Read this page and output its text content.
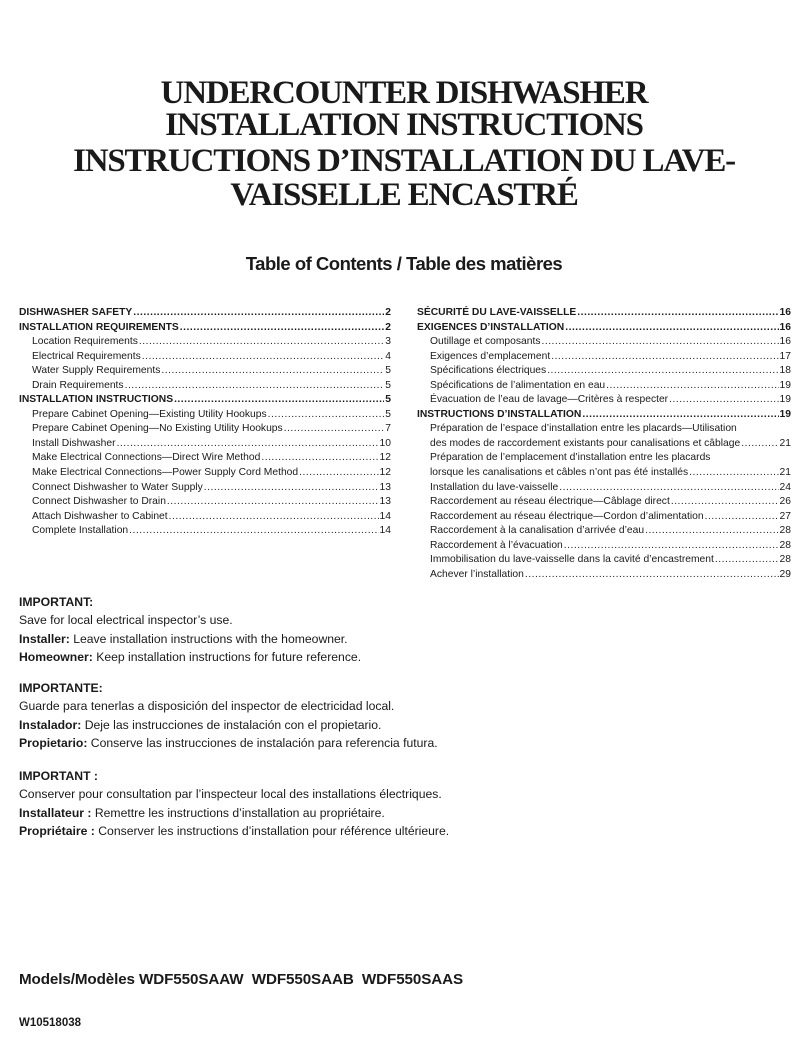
UNDERCOUNTER DISHWASHER
INSTALLATION INSTRUCTIONS
INSTRUCTIONS D’INSTALLATION DU LAVE-
VAISSELLE ENCASTRÉ
Table of Contents / Table des matières
DISHWASHER SAFETY .....	2
INSTALLATION REQUIREMENTS .....	2
Location Requirements .....	3
Electrical Requirements .....	4
Water Supply Requirements .....	5
Drain Requirements .....	5
INSTALLATION INSTRUCTIONS .....	5
Prepare Cabinet Opening—Existing Utility Hookups .....	5
Prepare Cabinet Opening—No Existing Utility Hookups .....	7
Install Dishwasher .....	10
Make Electrical Connections—Direct Wire Method .....	12
Make Electrical Connections—Power Supply Cord Method .....	12
Connect Dishwasher to Water Supply .....	13
Connect Dishwasher to Drain .....	13
Attach Dishwasher to Cabinet .....	14
Complete Installation .....	14
SÉCURITÉ DU LAVE-VAISSELLE .....	16
EXIGENCES D’INSTALLATION .....	16
Outillage et composants .....	16
Exigences d’emplacement .....	17
Spécifications électriques .....	18
Spécifications de l’alimentation en eau .....	19
Évacuation de l’eau de lavage—Critères à respecter .....	19
INSTRUCTIONS D’INSTALLATION .....	19
Préparation de l’espace d’installation entre les placards—Utilisation
des modes de raccordement existants pour canalisations et câblage .....	21
Préparation de l’emplacement d’installation entre les placards
lorsque les canalisations et câbles n’ont pas été installés .....	21
Installation du lave-vaisselle .....	24
Raccordement au réseau électrique—Câblage direct .....	26
Raccordement au réseau électrique—Cordon d’alimentation .....	27
Raccordement à la canalisation d’arrivée d’eau .....	28
Raccordement à l’évacuation .....	28
Immobilisation du lave-vaisselle dans la cavité d’encastrement .....	28
Achever l’installation .....	29
IMPORTANT:
Save for local electrical inspector’s use.
Installer: Leave installation instructions with the homeowner.
Homeowner: Keep installation instructions for future reference.
IMPORTANTE:
Guarde para tenerlas a disposición del inspector de electricidad local.
Instalador: Deje las instrucciones de instalación con el propietario.
Propietario: Conserve las instrucciones de instalación para referencia futura.
IMPORTANT :
Conserver pour consultation par l’inspecteur local des installations électriques.
Installateur : Remettre les instructions d’installation au propriétaire.
Propriétaire : Conserver les instructions d’installation pour référence ultérieure.
Models/Modèles WDF550SAAW  WDF550SAAB  WDF550SAAS
W10518038
